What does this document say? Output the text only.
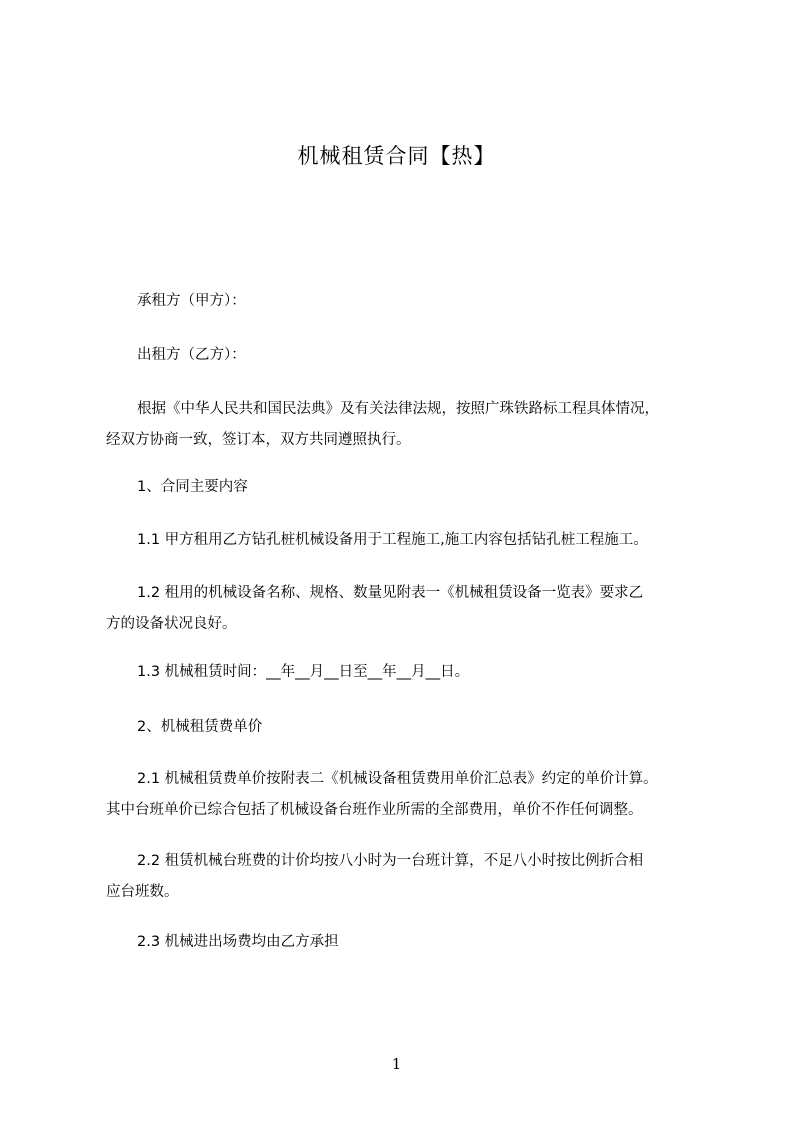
机械租赁合同【热】
承租方（甲方）：
出租方（乙方）：
根据《中华人民共和国民法典》及有关法律法规，按照广珠铁路标工程具体情况，
经双方协商一致，签订本，双方共同遵照执行。
1、合同主要内容
1.1 甲方租用乙方钻孔桩机械设备用于工程施工,施工内容包括钻孔桩工程施工。
1.2 租用的机械设备名称、规格、数量见附表一《机械租赁设备一览表》要求乙
方的设备状况良好。
1.3 机械租赁时间：__年__月__日至__年__月__日。
2、机械租赁费单价
2.1 机械租赁费单价按附表二《机械设备租赁费用单价汇总表》约定的单价计算。
其中台班单价已综合包括了机械设备台班作业所需的全部费用，单价不作任何调整。
2.2 租赁机械台班费的计价均按八小时为一台班计算，不足八小时按比例折合相
应台班数。
2.3 机械进出场费均由乙方承担
1
